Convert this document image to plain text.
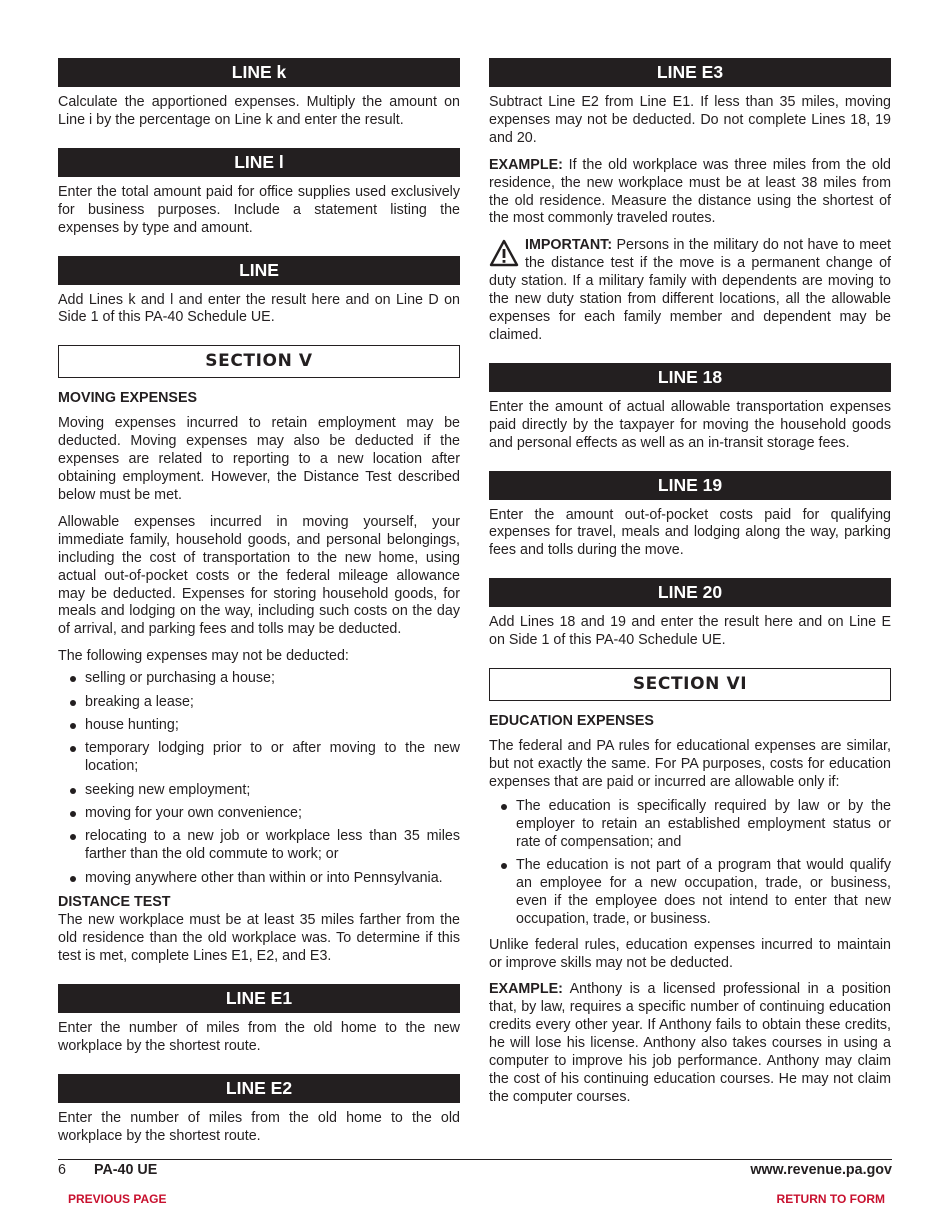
LINE k

Calculate the apportioned expenses. Multiply the amount on Line i by the percentage on Line k and enter the result.

LINE l

Enter the total amount paid for office supplies used exclusively for business purposes. Include a statement listing the expenses by type and amount.

LINE

Add Lines k and l and enter the result here and on Line D on Side 1 of this PA-40 Schedule UE.

SECTION V
MOVING EXPENSES

Moving expenses incurred to retain employment may be deducted. Moving expenses may also be deducted if the expenses are related to reporting to a new location after obtaining employment. However, the Distance Test described below must be met.

Allowable expenses incurred in moving yourself, your immediate family, household goods, and personal belongings, including the cost of transportation to the new home, using actual out-of-pocket costs or the federal mileage allowance may be deducted. Expenses for storing household goods, for meals and lodging on the way, including such costs on the day of arrival, and parking fees and tolls may be deducted.

The following expenses may not be deducted:

selling or purchasing a house;
breaking a lease;
house hunting;
temporary lodging prior to or after moving to the new location;
seeking new employment;
moving for your own convenience;
relocating to a new job or workplace less than 35 miles farther than the old commute to work; or
moving anywhere other than within or into Pennsylvania.
DISTANCE TEST

The new workplace must be at least 35 miles farther from the old residence than the old workplace was. To determine if this test is met, complete Lines E1, E2, and E3.

LINE E1

Enter the number of miles from the old home to the new workplace by the shortest route.

LINE E2

Enter the number of miles from the old home to the old workplace by the shortest route.

LINE E3

Subtract Line E2 from Line E1. If less than 35 miles, moving expenses may not be deducted. Do not complete Lines 18, 19 and 20.

EXAMPLE: If the old workplace was three miles from the old residence, the new workplace must be at least 38 miles from the old residence. Measure the distance using the shortest of the most commonly traveled routes.

IMPORTANT: Persons in the military do not have to meet the distance test if the move is a permanent change of duty station. If a military family with dependents are moving to the new duty station from different locations, all the allowable expenses for each family member and dependent may be claimed.

LINE 18

Enter the amount of actual allowable transportation expenses paid directly by the taxpayer for moving the household goods and personal effects as well as an in-transit storage fees.

LINE 19

Enter the amount out-of-pocket costs paid for qualifying expenses for travel, meals and lodging along the way, parking fees and tolls during the move.

LINE 20

Add Lines 18 and 19 and enter the result here and on Line E on Side 1 of this PA-40 Schedule UE.

SECTION VI
EDUCATION EXPENSES

The federal and PA rules for educational expenses are similar, but not exactly the same. For PA purposes, costs for education expenses that are paid or incurred are allowable only if:

The education is specifically required by law or by the employer to retain an established employment status or rate of compensation; and
The education is not part of a program that would qualify an employee for a new occupation, trade, or business, even if the employee does not intend to enter that new occupation, trade, or business.

Unlike federal rules, education expenses incurred to maintain or improve skills may not be deducted.

EXAMPLE: Anthony is a licensed professional in a position that, by law, requires a specific number of continuing education credits every other year. If Anthony fails to obtain these credits, he will lose his license. Anthony also takes courses in using a computer to improve his job performance. Anthony may claim the cost of his continuing education courses. He may not claim the computer courses.

6 PA-40 UE	www.revenue.pa.gov
PREVIOUS PAGE	RETURN TO FORM
